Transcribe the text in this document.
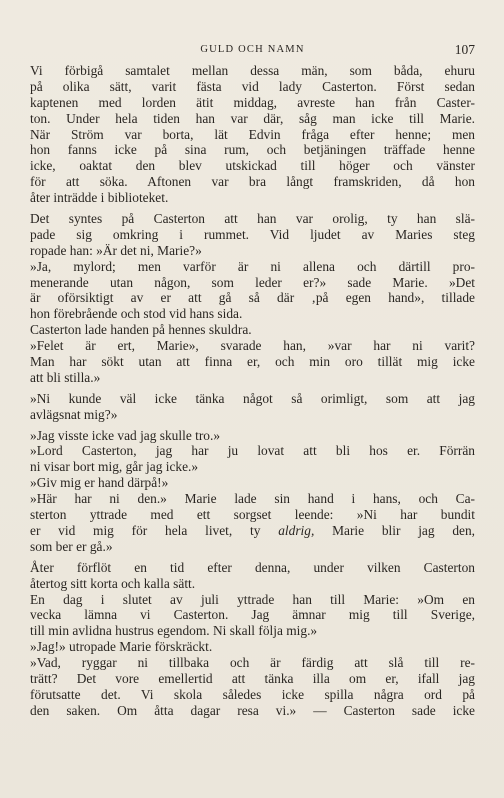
GULD OCH NAMN	107
Vi förbigå samtalet mellan dessa män, som båda, ehuru
på olika sätt, varit fästa vid lady Casterton. Först sedan
kaptenen med lorden ätit middag, avreste han från Caster-
ton. Under hela tiden han var där, såg man icke till Marie.
När Ström var borta, lät Edvin fråga efter henne; men
hon fanns icke på sina rum, och betjäningen träffade henne
icke, oaktat den blev utskickad till höger och vänster
för att söka. Aftonen var bra långt framskriden, då hon
åter inträdde i biblioteket.
Det syntes på Casterton att han var orolig, ty han slä-
pade sig omkring i rummet. Vid ljudet av Maries steg
ropade han: »Är det ni, Marie?»
»Ja, mylord; men varför är ni allena och därtill pro-
menerande utan någon, som leder er?» sade Marie. »Det
är oförsiktigt av er att gå så där ‚på egen hand», tillade
hon förebrående och stod vid hans sida.
Casterton lade handen på hennes skuldra.
»Felet är ert, Marie», svarade han, »var har ni varit?
Man har sökt utan att finna er, och min oro tillät mig icke
att bli stilla.»
»Ni kunde väl icke tänka något så orimligt, som att jag
avlägsnat mig?»
»Jag visste icke vad jag skulle tro.»
»Lord Casterton, jag har ju lovat att bli hos er. Förrän
ni visar bort mig, går jag icke.»
»Giv mig er hand därpå!»
»Här har ni den.» Marie lade sin hand i hans, och Ca-
sterton yttrade med ett sorgset leende: »Ni har bundit
er vid mig för hela livet, ty aldrig, Marie blir jag den,
som ber er gå.»
Åter förflöt en tid efter denna, under vilken Casterton
återtog sitt korta och kalla sätt.
En dag i slutet av juli yttrade han till Marie: »Om en
vecka lämna vi Casterton. Jag ämnar mig till Sverige,
till min avlidna hustrus egendom. Ni skall följa mig.»
»Jag!» utropade Marie förskräckt.
»Vad, ryggar ni tillbaka och är färdig att slå till re-
trätt? Det vore emellertid att tänka illa om er, ifall jag
förutsatte det. Vi skola således icke spilla några ord på
den saken. Om åtta dagar resa vi.» — Casterton sade icke
